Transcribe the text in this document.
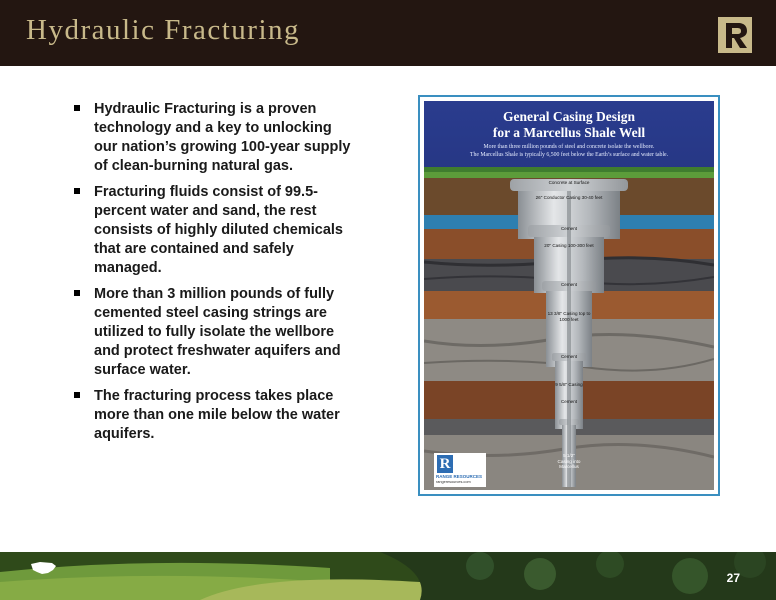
Hydraulic Fracturing
Hydraulic Fracturing is a proven technology and a key to unlocking our nation’s growing 100-year supply of clean-burning natural gas.
Fracturing fluids consist of 99.5-percent water and sand, the rest consists of highly diluted chemicals that are contained and safely managed.
More than 3 million pounds of fully cemented steel casing strings are utilized to fully isolate the wellbore and protect freshwater aquifers and surface water.
The fracturing process takes place more than one mile below the water aquifers.
General Casing Design
for a Marcellus Shale Well
More than three million pounds of steel and concrete isolate the wellbore.
The Marcellus Shale is typically 6,500 feet below the Earth’s surface and water table.
Concrete at Surface
26" Conductor Casing 30-40 feet
Cement
20" Casing 100-300 feet
Cement
13 3/8" Casing top to 1000 feet
Cement
9 5/8" Casing
Cement
5 1/2" Casing into Marcellus
R
RANGE RESOURCES
rangeresources.com
27
